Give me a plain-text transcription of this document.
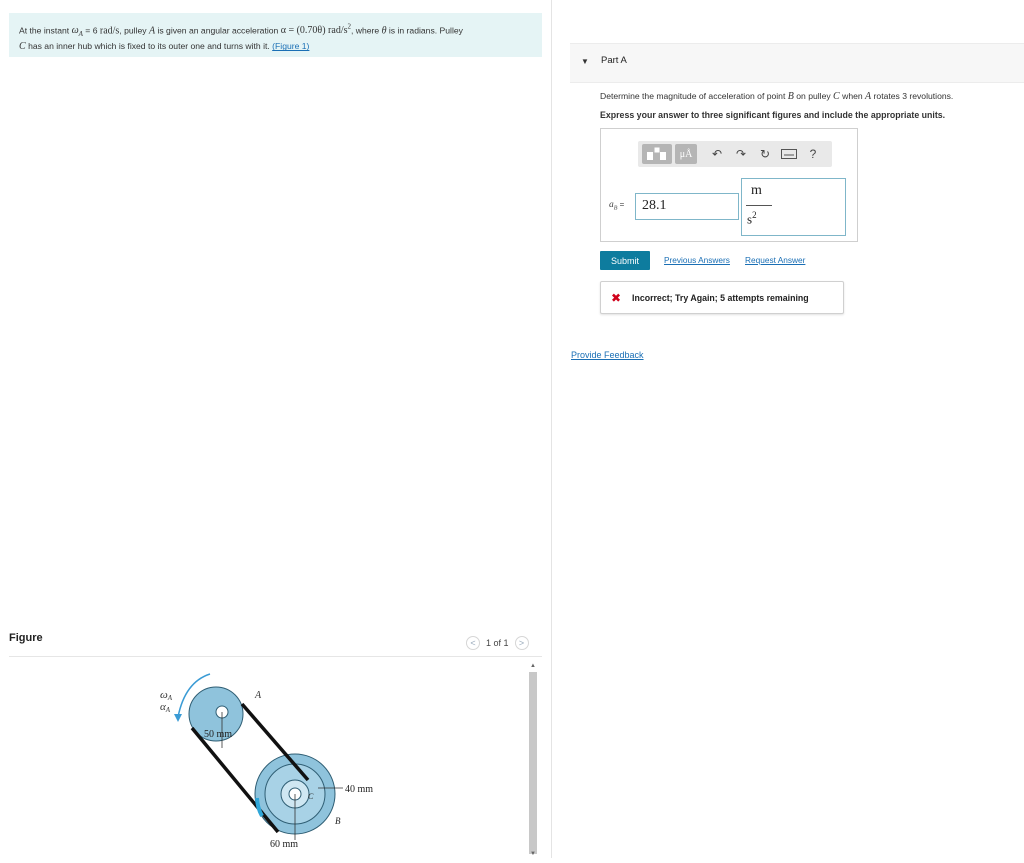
At the instant $\omega_A = 6$ rad/s, pulley A is given an angular acceleration α = (0.70θ) rad/$s^2$, where θ is in radians. Pulley
C has an inner hub which is fixed to its outer one and turns with it. (Figure 1)
Figure	< 1 of 1 >
ωA
αA
A
50 mm
C
40 mm
B
60 mm
▲
▼
▼ Part A
Determine the magnitude of acceleration of point B on pulley C when A rotates 3 revolutions.
Express your answer to three significant figures and include the appropriate units.
μÅ	↶	↷	↻	?
$a_B$ =	28.1
m
$s^2$
Submit	Previous Answers Request Answer
✖ Incorrect; Try Again; 5 attempts remaining
Provide Feedback
